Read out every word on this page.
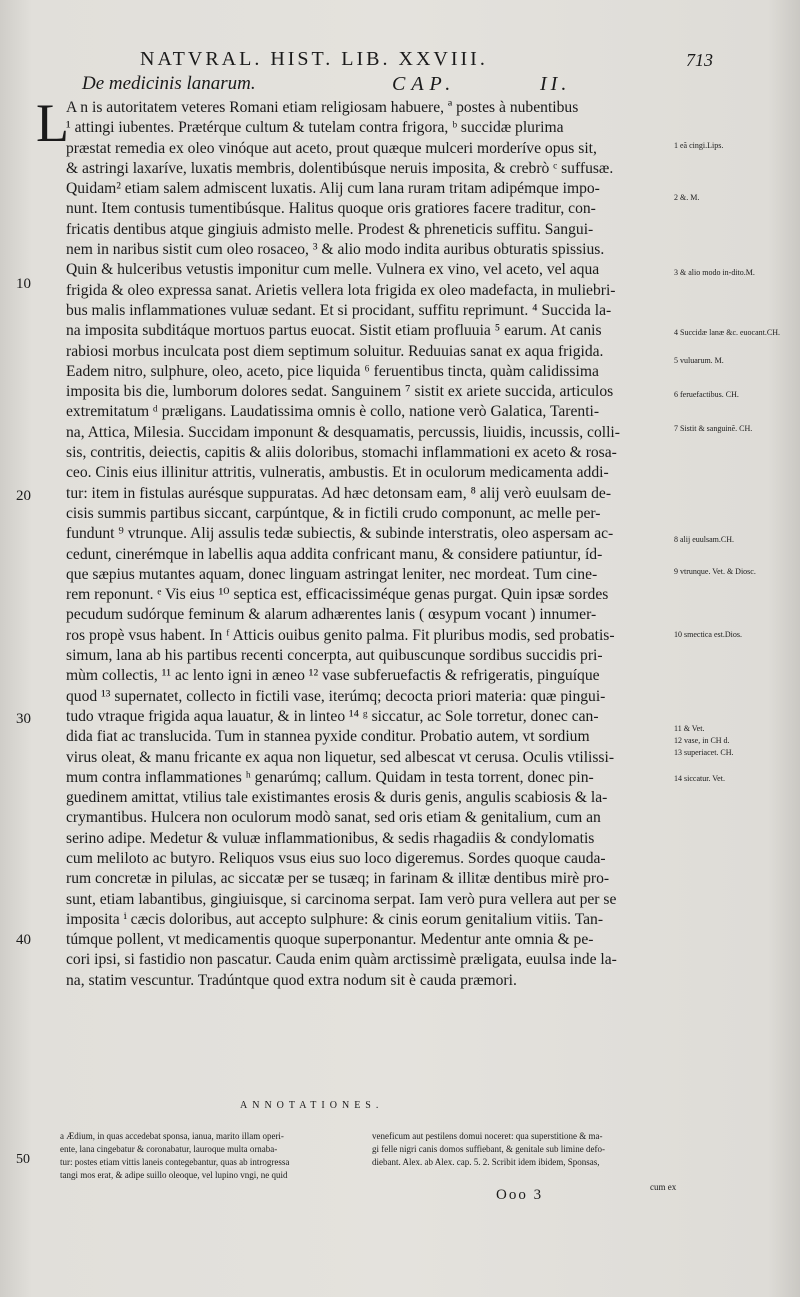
NATVRAL. HIST. LIB. XXVIII.	713
De medicinis lanarum.	CAP.	II.
L
A n is autoritatem veteres Romani etiam religiosam habuere, ª postes à nubentibus
¹ attingi iubentes. Prætérque cultum & tutelam contra frigora, ᵇ succidæ plurima
præstat remedia ex oleo vinóque aut aceto, prout quæque mulceri morderíve opus sit,
& astringi laxaríve, luxatis membris, dolentibúsque neruis imposita, & crebrò ᶜ suffusæ.
Quidam² etiam salem admiscent luxatis. Alij cum lana ruram tritam adipémque impo-
nunt. Item contusis tumentibúsque. Halitus quoque oris gratiores facere traditur, con-
fricatis dentibus atque gingiuis admisto melle. Prodest & phreneticis suffitu. Sangui-
nem in naribus sistit cum oleo rosaceo, ³ & alio modo indita auribus obturatis spissius.
Quin & hulceribus vetustis imponitur cum melle. Vulnera ex vino, vel aceto, vel aqua
frigida & oleo expressa sanat. Arietis vellera lota frigida ex oleo madefacta, in muliebri-
bus malis inflammationes vuluæ sedant. Et si procidant, suffitu reprimunt. ⁴ Succida la-
na imposita subditáque mortuos partus euocat. Sistit etiam profluuia ⁵ earum. At canis
rabiosi morbus inculcata post diem septimum soluitur. Reduuias sanat ex aqua frigida.
Eadem nitro, sulphure, oleo, aceto, pice liquida ⁶ feruentibus tincta, quàm calidissima
imposita bis die, lumborum dolores sedat. Sanguinem ⁷ sistit ex ariete succida, articulos
extremitatum ᵈ præligans. Laudatissima omnis è collo, natione verò Galatica, Tarenti-
na, Attica, Milesia. Succidam imponunt & desquamatis, percussis, liuidis, incussis, colli-
sis, contritis, deiectis, capitis & aliis doloribus, stomachi inflammationi ex aceto & rosa-
ceo. Cinis eius illinitur attritis, vulneratis, ambustis. Et in oculorum medicamenta addi-
tur: item in fistulas aurésque suppuratas. Ad hæc detonsam eam, ⁸ alij verò euulsam de-
cisis summis partibus siccant, carpúntque, & in fictili crudo componunt, ac melle per-
fundunt ⁹ vtrunque. Alij assulis tedæ subiectis, & subinde interstratis, oleo aspersam ac-
cedunt, cinerémque in labellis aqua addita confricant manu, & considere patiuntur, íd-
que sæpius mutantes aquam, donec linguam astringat leniter, nec mordeat. Tum cine-
rem reponunt. ᵉ Vis eius ¹⁰ septica est, efficacissiméque genas purgat. Quin ipsæ sordes
pecudum sudórque feminum & alarum adhærentes lanis ( œsypum vocant ) innumer-
ros propè vsus habent. In ᶠ Atticis ouibus genito palma. Fit pluribus modis, sed probatis-
simum, lana ab his partibus recenti concerpta, aut quibuscunque sordibus succidis pri-
mùm collectis, ¹¹ ac lento igni in æneo ¹² vase subferuefactis & refrigeratis, pinguíque
quod ¹³ supernatet, collecto in fictili vase, iterúmq; decocta priori materia: quæ pingui-
tudo vtraque frigida aqua lauatur, & in linteo ¹⁴ ᵍ siccatur, ac Sole torretur, donec can-
dida fiat ac translucida. Tum in stannea pyxide conditur. Probatio autem, vt sordium
virus oleat, & manu fricante ex aqua non liquetur, sed albescat vt cerusa. Oculis vtilissi-
mum contra inflammationes ʰ genarúmq; callum. Quidam in testa torrent, donec pin-
guedinem amittat, vtilius tale existimantes erosis & duris genis, angulis scabiosis & la-
crymantibus. Hulcera non oculorum modò sanat, sed oris etiam & genitalium, cum an
serino adipe. Medetur & vuluæ inflammationibus, & sedis rhagadiis & condylomatis
cum meliloto ac butyro. Reliquos vsus eius suo loco digeremus. Sordes quoque cauda-
rum concretæ in pilulas, ac siccatæ per se tusæq; in farinam & illitæ dentibus mirè pro-
sunt, etiam labantibus, gingiuisque, si carcinoma serpat. Iam verò pura vellera aut per se
imposita ⁱ cæcis doloribus, aut accepto sulphure: & cinis eorum genitalium vitiis. Tan-
túmque pollent, vt medicamentis quoque superponantur. Medentur ante omnia & pe-
cori ipsi, si fastidio non pascatur. Cauda enim quàm arctissimè præligata, euulsa inde la-
na, statim vescuntur. Tradúntque quod extra nodum sit è cauda præmori.
10
20
30
40
1 eã cingi.Lips.
2 &. M.
3 & alio modo in-dito.M.
4 Succidæ lanæ &c. euocant.CH.
5 vuluarum. M.
6 feruefactibus. CH.
7 Sistit & sanguinẽ. CH.
8 alij euulsam.CH.
9 vtrunque. Vet. & Diosc.
10 smectica est.Dios.
11 & Vet.
12 vase, in CH d.
13 superiacet. CH.
14 siccatur. Vet.
ANNOTATIONES.
a Ædium, in quas accedebat sponsa, ianua, marito illam operi-
ente, lana cingebatur & coronabatur, lauroque multa ornaba-
tur: postes etiam vittis laneis contegebantur, quas ab introgressa
tangi mos erat, & adipe suillo oleoque, vel lupino vngi, ne quid
50
veneficum aut pestilens domui noceret: qua superstitione & ma-
gi felle nigri canis domos suffiebant, & genitale sub limine defo-
diebant. Alex. ab Alex. cap. 5. 2. Scribit idem ibidem, Sponsas,
Ooo 3	cum ex
